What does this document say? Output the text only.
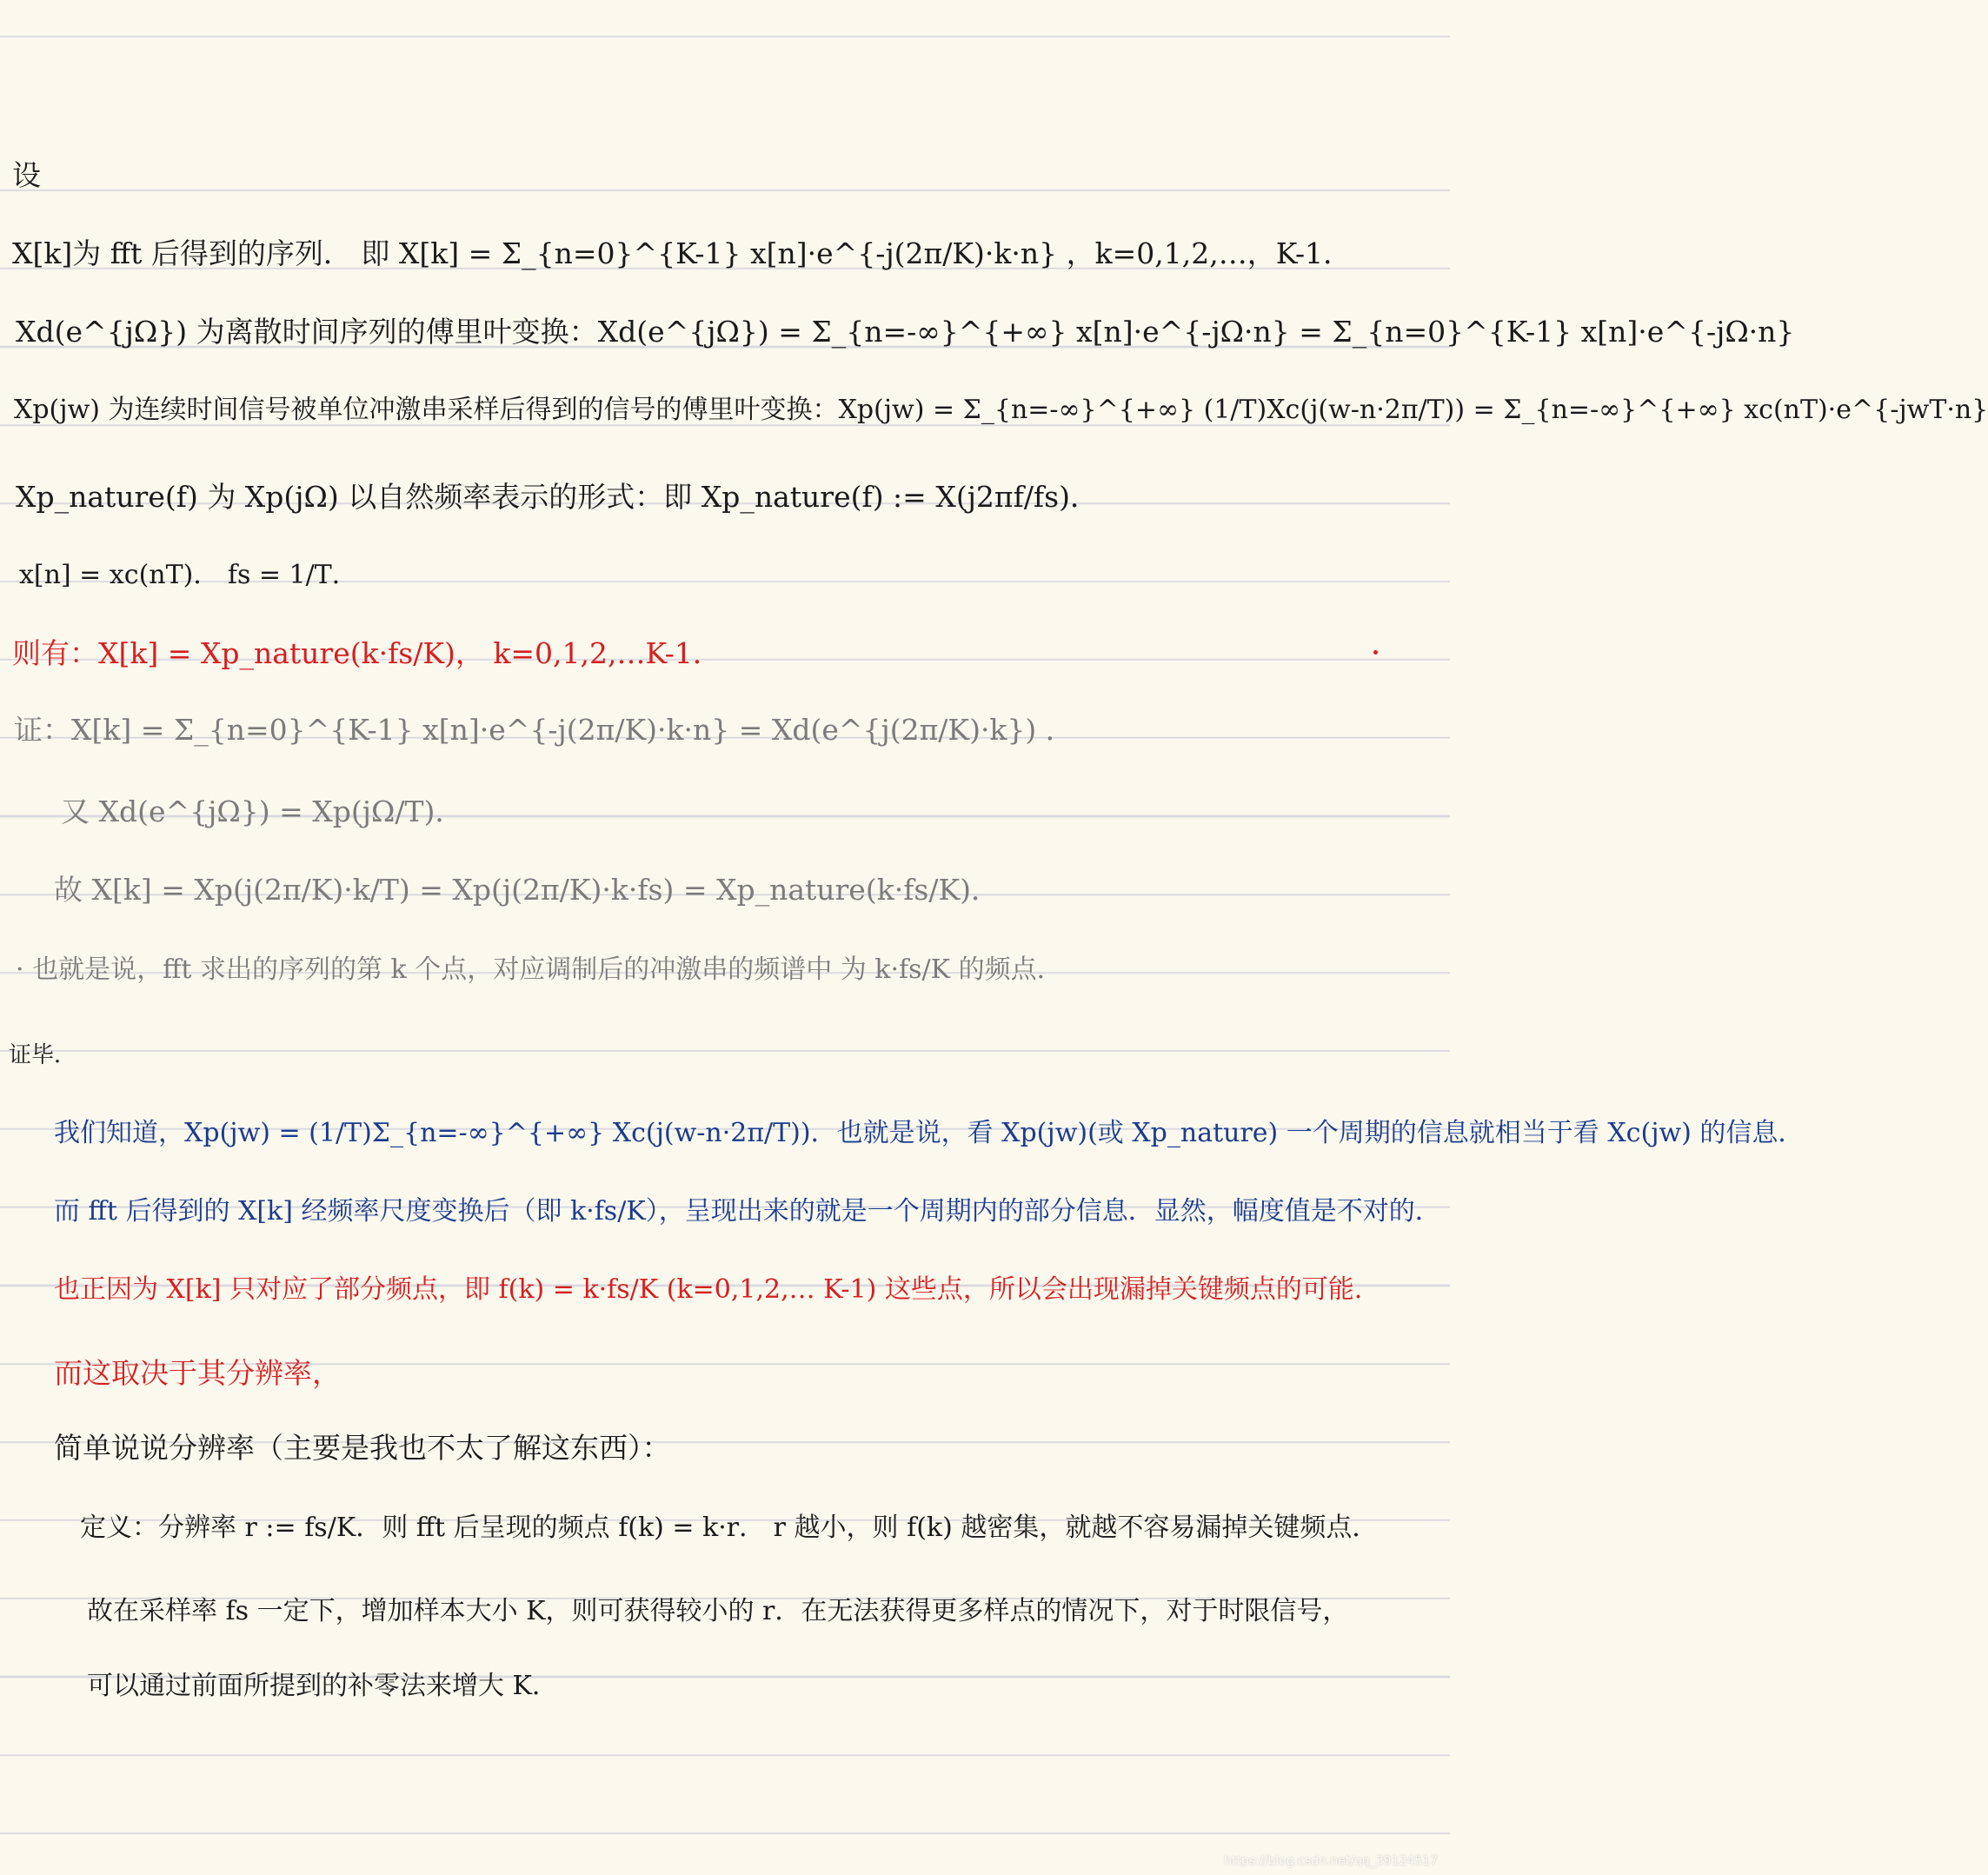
设
X[k]为 fft 后得到的序列． 即 X[k] = Σ_{n=0}^{K-1} x[n]·e^{-j(2π/K)·k·n} ，k=0,1,2,…，K-1．
Xd(e^{jΩ}) 为离散时间序列的傅里叶变换：Xd(e^{jΩ}) = Σ_{n=-∞}^{+∞} x[n]·e^{-jΩ·n} = Σ_{n=0}^{K-1} x[n]·e^{-jΩ·n}
Xp(jw) 为连续时间信号被单位冲激串采样后得到的信号的傅里叶变换：Xp(jw) = Σ_{n=-∞}^{+∞} (1/T)Xc(j(w-n·2π/T)) = Σ_{n=-∞}^{+∞} xc(nT)·e^{-jwT·n}
Xp_nature(f) 为 Xp(jΩ) 以自然频率表示的形式：即 Xp_nature(f) := X(j2πf/fs)．
x[n] = xc(nT)． fs = 1/T．
则有：X[k] = Xp_nature(k·fs/K)， k=0,1,2,…K-1．
证：X[k] = Σ_{n=0}^{K-1} x[n]·e^{-j(2π/K)·k·n} = Xd(e^{j(2π/K)·k}) ．
又 Xd(e^{jΩ}) = Xp(jΩ/T)．
故 X[k] = Xp(j(2π/K)·k/T) = Xp(j(2π/K)·k·fs) = Xp_nature(k·fs/K)．
· 也就是说，fft 求出的序列的第 k 个点，对应调制后的冲激串的频谱中 为 k·fs/K 的频点．
证毕．
我们知道，Xp(jw) = (1/T)Σ_{n=-∞}^{+∞} Xc(j(w-n·2π/T))．也就是说，看 Xp(jw)(或 Xp_nature) 一个周期的信息就相当于看 Xc(jw) 的信息．
而 fft 后得到的 X[k] 经频率尺度变换后（即 k·fs/K），呈现出来的就是一个周期内的部分信息．显然，幅度值是不对的．
也正因为 X[k] 只对应了部分频点，即 f(k) = k·fs/K (k=0,1,2,… K-1) 这些点，所以会出现漏掉关键频点的可能．
而这取决于其分辨率，
简单说说分辨率（主要是我也不太了解这东西）：
定义：分辨率 r := fs/K．则 fft 后呈现的频点 f(k) = k·r． r 越小，则 f(k) 越密集，就越不容易漏掉关键频点．
故在采样率 fs 一定下，增加样本大小 K，则可获得较小的 r．在无法获得更多样点的情况下，对于时限信号，
可以通过前面所提到的补零法来增大 K．
https://blog.csdn.net/qq_39124517
